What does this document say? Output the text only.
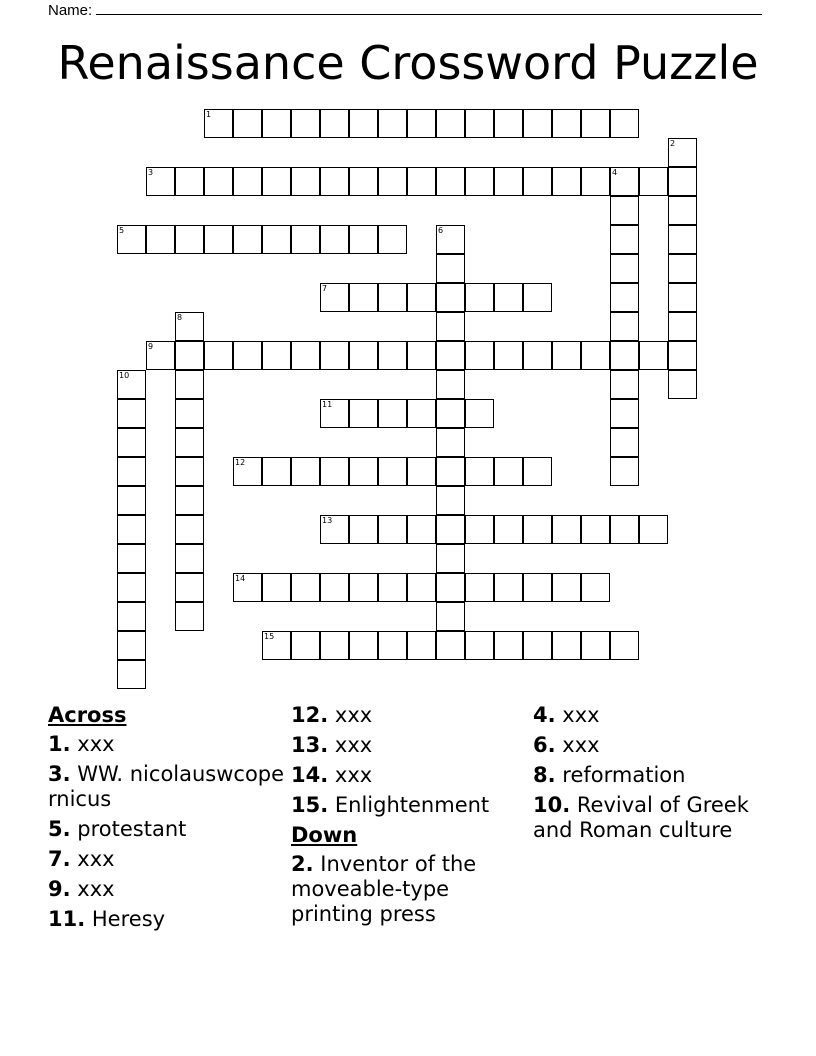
Name:
Renaissance Crossword Puzzle
1
2
3	4
5	6
7
8
9
10
11
12
13
14
15
Across
1. xxx
3. WW. nicolauswcopernicus
5. protestant
7. xxx
9. xxx
11. Heresy
12. xxx
13. xxx
14. xxx
15. Enlightenment
Down
2. Inventor of the moveable-type printing press
4. xxx
6. xxx
8. reformation
10. Revival of Greek and Roman culture
